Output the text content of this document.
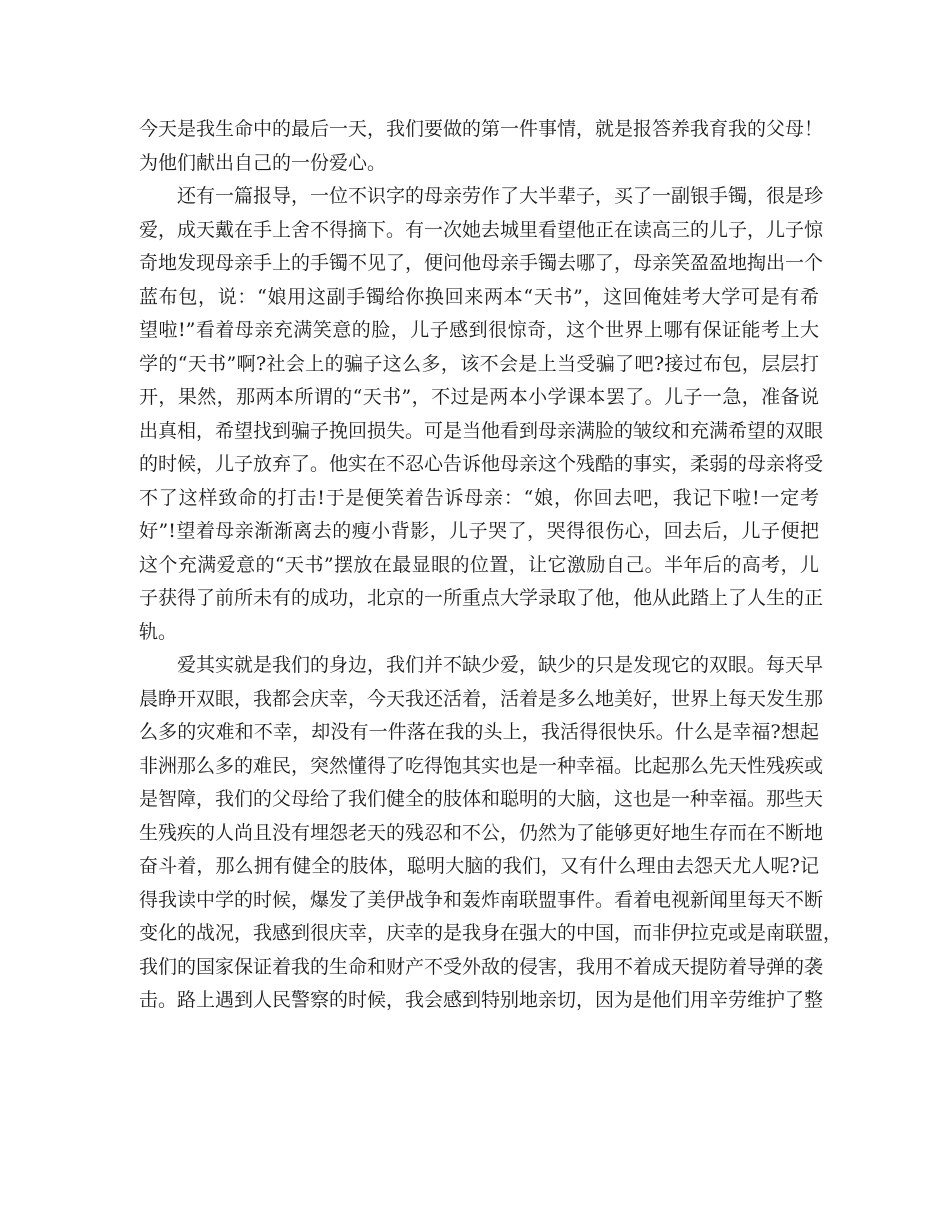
今天是我生命中的最后一天，我们要做的第一件事情，就是报答养我育我的父母！
为他们献出自己的一份爱心。
还有一篇报导，一位不识字的母亲劳作了大半辈子，买了一副银手镯，很是珍
爱，成天戴在手上舍不得摘下。有一次她去城里看望他正在读高三的儿子，儿子惊
奇地发现母亲手上的手镯不见了，便问他母亲手镯去哪了，母亲笑盈盈地掏出一个
蓝布包，说：“娘用这副手镯给你换回来两本“天书”，这回俺娃考大学可是有希
望啦!”看着母亲充满笑意的脸，儿子感到很惊奇，这个世界上哪有保证能考上大
学的“天书”啊?社会上的骗子这么多，该不会是上当受骗了吧?接过布包，层层打
开，果然，那两本所谓的“天书”，不过是两本小学课本罢了。儿子一急，准备说
出真相，希望找到骗子挽回损失。可是当他看到母亲满脸的皱纹和充满希望的双眼
的时候，儿子放弃了。他实在不忍心告诉他母亲这个残酷的事实，柔弱的母亲将受
不了这样致命的打击!于是便笑着告诉母亲：“娘，你回去吧，我记下啦!一定考
好”!望着母亲渐渐离去的瘦小背影，儿子哭了，哭得很伤心，回去后，儿子便把
这个充满爱意的“天书”摆放在最显眼的位置，让它激励自己。半年后的高考，儿
子获得了前所未有的成功，北京的一所重点大学录取了他，他从此踏上了人生的正
轨。
爱其实就是我们的身边，我们并不缺少爱，缺少的只是发现它的双眼。每天早
晨睁开双眼，我都会庆幸，今天我还活着，活着是多么地美好，世界上每天发生那
么多的灾难和不幸，却没有一件落在我的头上，我活得很快乐。什么是幸福?想起
非洲那么多的难民，突然懂得了吃得饱其实也是一种幸福。比起那么先天性残疾或
是智障，我们的父母给了我们健全的肢体和聪明的大脑，这也是一种幸福。那些天
生残疾的人尚且没有埋怨老天的残忍和不公，仍然为了能够更好地生存而在不断地
奋斗着，那么拥有健全的肢体，聪明大脑的我们，又有什么理由去怨天尤人呢?记
得我读中学的时候，爆发了美伊战争和轰炸南联盟事件。看着电视新闻里每天不断
变化的战况，我感到很庆幸，庆幸的是我身在强大的中国，而非伊拉克或是南联盟，
我们的国家保证着我的生命和财产不受外敌的侵害，我用不着成天提防着导弹的袭
击。路上遇到人民警察的时候，我会感到特别地亲切，因为是他们用辛劳维护了整
